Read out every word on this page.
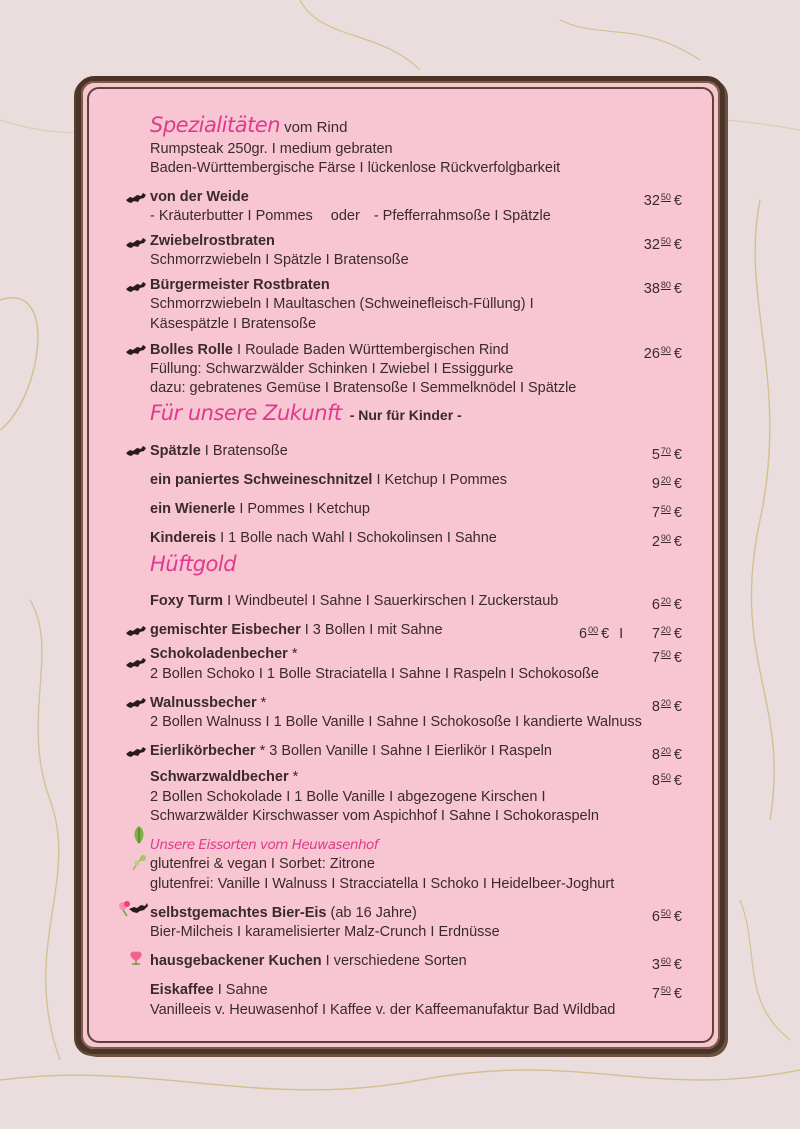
Spezialitäten vom Rind
Rumpsteak 250gr. I medium gebraten
Baden-Württembergische Färse I lückenlose Rückverfolgbarkeit
von der Weide	$32^{50}$ €
- Kräuterbutter I Pommes oder - Pfefferrahmsoße I Spätzle
Zwiebelrostbraten	$32^{50}$ €
Schmorrzwiebeln I Spätzle I Bratensoße
Bürgermeister Rostbraten	$38^{80}$ €
Schmorrzwiebeln I Maultaschen (Schweinefleisch-Füllung) I
Käsespätzle I Bratensoße
Bolles Rolle I Roulade Baden Württembergischen Rind	$26^{90}$ €
Füllung: Schwarzwälder Schinken I Zwiebel I Essiggurke
dazu: gebratenes Gemüse I Bratensoße I Semmelknödel I Spätzle
Für unsere Zukunft - Nur für Kinder -
Spätzle I Bratensoße	$5^{70}$ €
ein paniertes Schweineschnitzel I Ketchup I Pommes	$9^{20}$ €
ein Wienerle I Pommes I Ketchup	$7^{50}$ €
Kindereis I 1 Bolle nach Wahl I Schokolinsen I Sahne	$2^{90}$ €
Hüftgold
Foxy Turm I Windbeutel I Sahne I Sauerkirschen I Zuckerstaub	$6^{20}$ €
gemischter Eisbecher I 3 Bollen I mit Sahne	$6^{00}$ € I	$7^{20}$ €
Schokoladenbecher *	$7^{50}$ €
2 Bollen Schoko I 1 Bolle Straciatella I Sahne I Raspeln I Schokosoße
Walnussbecher *	$8^{20}$ €
2 Bollen Walnuss I 1 Bolle Vanille I Sahne I Schokosoße I kandierte Walnuss
Eierlikörbecher * 3 Bollen Vanille I Sahne I Eierlikör I Raspeln	$8^{20}$ €
Schwarzwaldbecher *	$8^{50}$ €
2 Bollen Schokolade I 1 Bolle Vanille I abgezogene Kirschen I
Schwarzwälder Kirschwasser vom Aspichhof I Sahne I Schokoraspeln
Unsere Eissorten vom Heuwasenhof
glutenfrei & vegan I Sorbet: Zitrone
glutenfrei: Vanille I Walnuss I Stracciatella I Schoko I Heidelbeer-Joghurt
selbstgemachtes Bier-Eis (ab 16 Jahre)	$6^{50}$ €
Bier-Milcheis I karamelisierter Malz-Crunch I Erdnüsse
hausgebackener Kuchen I verschiedene Sorten	$3^{60}$ €
Eiskaffee I Sahne	$7^{50}$ €
Vanilleeis v. Heuwasenhof I Kaffee v. der Kaffeemanufaktur Bad Wildbad
